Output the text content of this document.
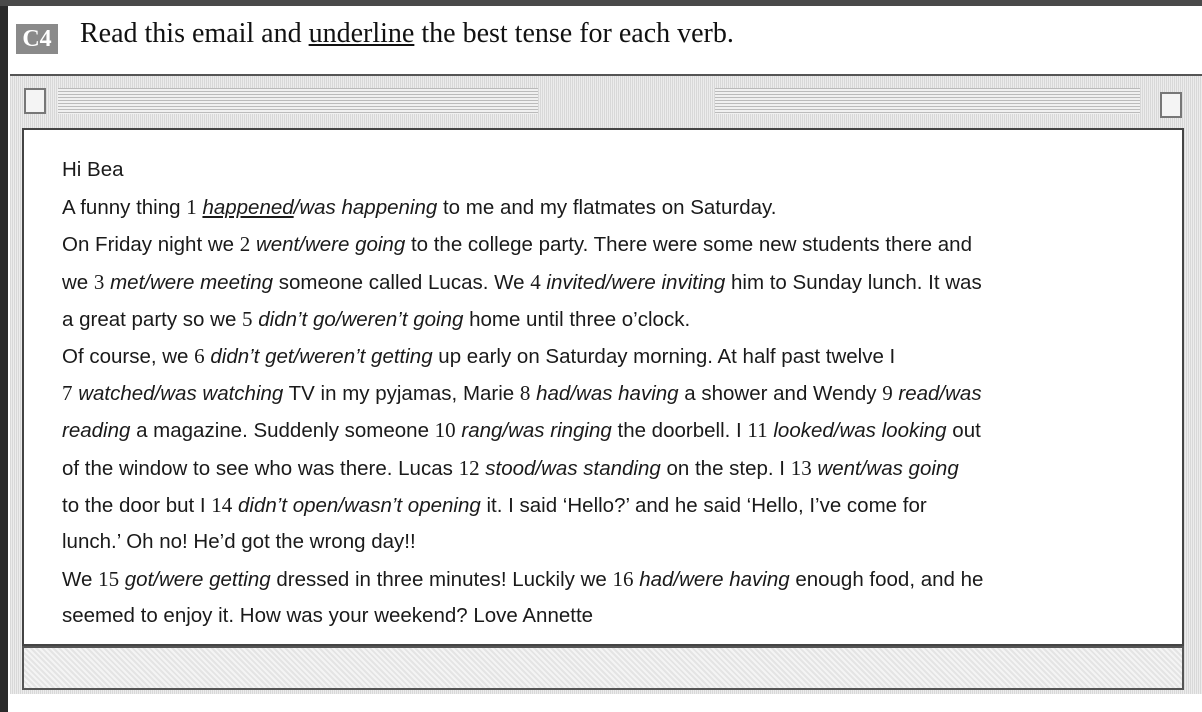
C4 Read this email and underline the best tense for each verb.
Hi Bea
A funny thing 1 happened/was happening to me and my flatmates on Saturday.
On Friday night we 2 went/were going to the college party. There were some new students there and
we 3 met/were meeting someone called Lucas. We 4 invited/were inviting him to Sunday lunch. It was
a great party so we 5 didn’t go/weren’t going home until three o’clock.
Of course, we 6 didn’t get/weren’t getting up early on Saturday morning. At half past twelve I
7 watched/was watching TV in my pyjamas, Marie 8 had/was having a shower and Wendy 9 read/was
reading a magazine. Suddenly someone 10 rang/was ringing the doorbell. I 11 looked/was looking out
of the window to see who was there. Lucas 12 stood/was standing on the step. I 13 went/was going
to the door but I 14 didn’t open/wasn’t opening it. I said ‘Hello?’ and he said ‘Hello, I’ve come for
lunch.’ Oh no! He’d got the wrong day!!
We 15 got/were getting dressed in three minutes! Luckily we 16 had/were having enough food, and he
seemed to enjoy it. How was your weekend? Love Annette
